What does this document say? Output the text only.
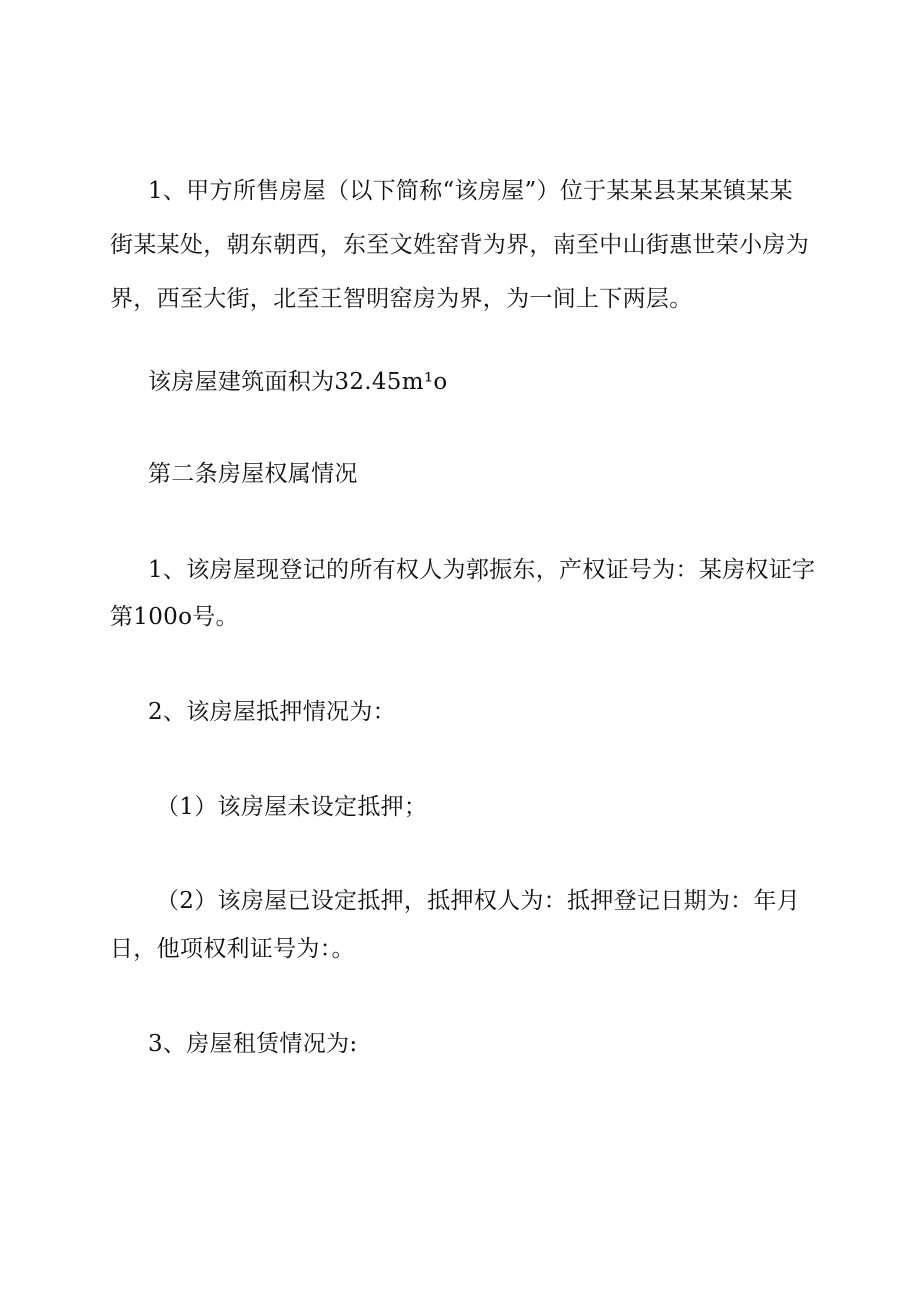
1、甲方所售房屋（以下简称“该房屋”）位于某某县某某镇某某
街某某处，朝东朝西，东至文姓窑背为界，南至中山街惠世荣小房为
界，西至大街，北至王智明窑房为界，为一间上下两层。
该房屋建筑面积为32.45m¹o
第二条房屋权属情况
1、该房屋现登记的所有权人为郭振东，产权证号为：某房权证字
第100o号。
2、该房屋抵押情况为：
（1）该房屋未设定抵押；
（2）该房屋已设定抵押，抵押权人为：抵押登记日期为：年月
日，他项权利证号为：。
3、房屋租赁情况为:
